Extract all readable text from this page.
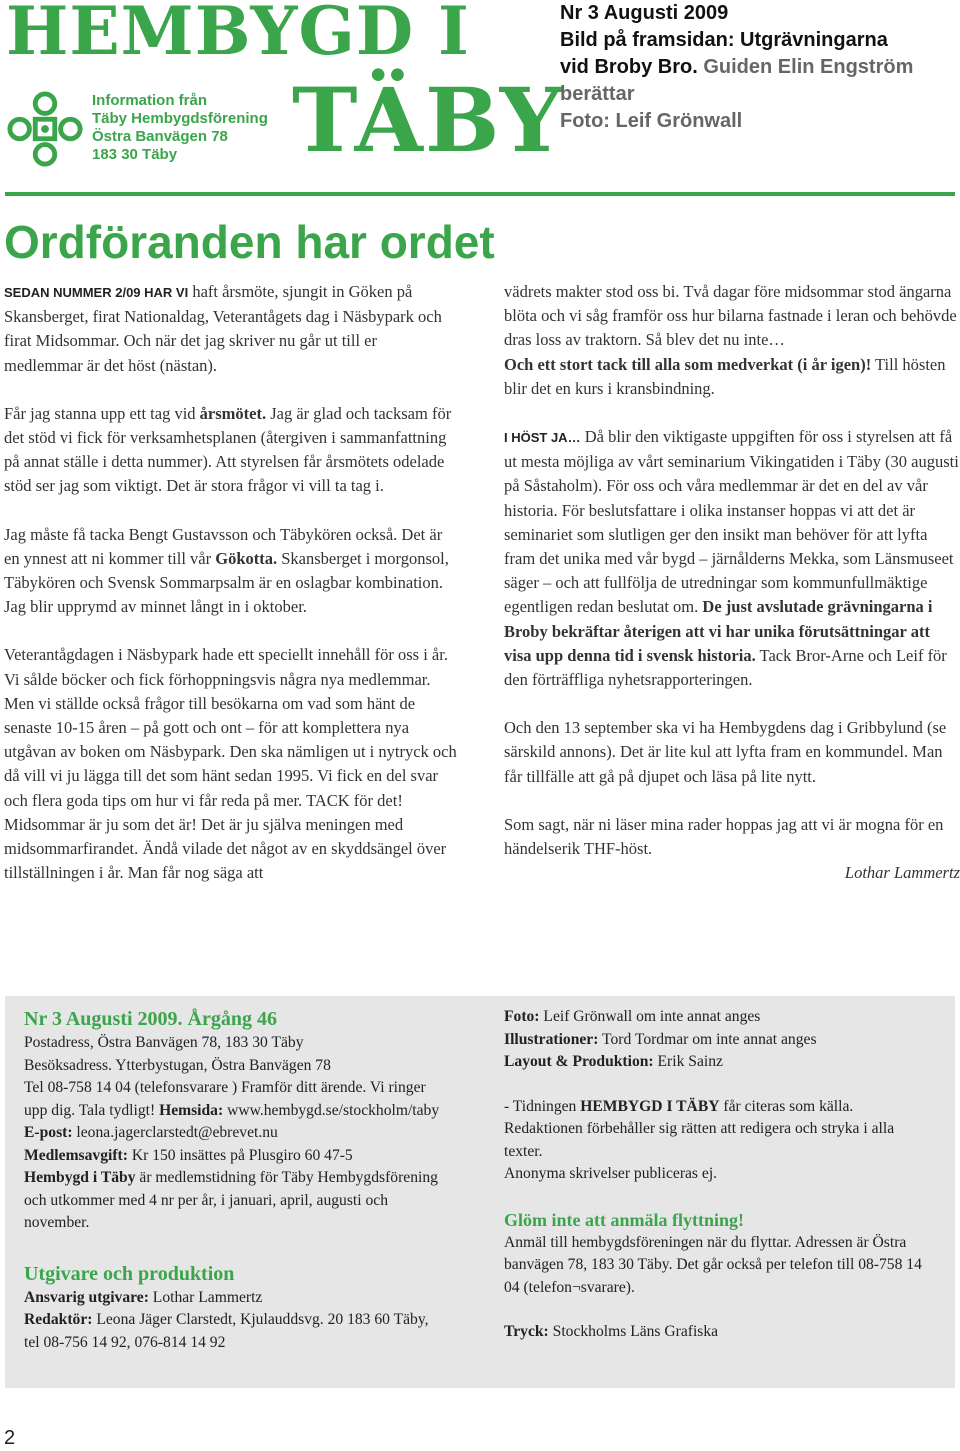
HEMBYGD I
TÄBY
Information från
Täby Hembygdsförening
Östra Banvägen 78
183 30 Täby
Nr 3 Augusti 2009
Bild på framsidan: Utgrävningarna
vid Broby Bro. Guiden Elin Engström
berättar
Foto: Leif Grönwall
Ordföranden har ordet

SEDAN NUMMER 2/09 HAR VI haft årsmöte, sjungit in Göken på Skansberget, firat Nationaldag, Veterantågets dag i Näsbypark och firat Midsommar. Och när det jag skriver nu går ut till er medlemmar är det höst (nästan).

Får jag stanna upp ett tag vid årsmötet. Jag är glad och tacksam för det stöd vi fick för verksamhetsplanen (återgiven i sammanfattning på annat ställe i detta nummer). Att styrelsen får årsmötets odelade stöd ser jag som viktigt. Det är stora frågor vi vill ta tag i.

Jag måste få tacka Bengt Gustavsson och Täbykören också. Det är en ynnest att ni kommer till vår Gökotta. Skansberget i morgonsol, Täbykören och Svensk Sommarpsalm är en oslagbar kombination. Jag blir upprymd av minnet långt in i oktober.

Veterantågdagen i Näsbypark hade ett speciellt innehåll för oss i år. Vi sålde böcker och fick förhoppningsvis några nya medlemmar. Men vi ställde också frågor till besökarna om vad som hänt de senaste 10-15 åren – på gott och ont – för att komplettera nya utgåvan av boken om Näsbypark. Den ska nämligen ut i nytryck och då vill vi ju lägga till det som hänt sedan 1995. Vi fick en del svar och flera goda tips om hur vi får reda på mer. TACK för det!

Midsommar är ju som det är! Det är ju själva meningen med midsommarfirandet. Ändå vilade det något av en skyddsängel över tillställningen i år. Man får nog säga att

vädrets makter stod oss bi. Två dagar före midsommar stod ängarna blöta och vi såg framför oss hur bilarna fastnade i leran och behövde dras loss av traktorn. Så blev det nu inte…
Och ett stort tack till alla som medverkat (i år igen)! Till hösten blir det en kurs i kransbindning.

I HÖST JA… Då blir den viktigaste uppgiften för oss i styrelsen att få ut mesta möjliga av vårt seminarium Vikingatiden i Täby (30 augusti på Såstaholm). För oss och våra medlemmar är det en del av vår historia. För beslutsfattare i olika instanser hoppas vi att det är seminariet som slutligen ger den insikt man behöver för att lyfta fram det unika med vår bygd – järnålderns Mekka, som Länsmuseet säger – och att fullfölja de utredningar som kommunfullmäktige egentligen redan beslutat om. De just avslutade grävningarna i Broby bekräftar återigen att vi har unika förutsättningar att visa upp denna tid i svensk historia. Tack Bror-Arne och Leif för den förträffliga nyhetsrapporteringen.

Och den 13 september ska vi ha Hembygdens dag i Gribbylund (se särskild annons). Det är lite kul att lyfta fram en kommundel. Man får tillfälle att gå på djupet och läsa på lite nytt.

Som sagt, när ni läser mina rader hoppas jag att vi är mogna för en händelserik THF-höst.

Lothar Lammertz

Nr 3 Augusti 2009. Årgång 46

Postadress, Östra Banvägen 78, 183 30 Täby

Besöksadress. Ytterbystugan, Östra Banvägen 78

Tel 08-758 14 04 (telefonsvarare ) Framför ditt ärende. Vi ringer upp dig. Tala tydligt! Hemsida: www.hembygd.se/stockholm/taby

E-post: leona.jagerclarstedt@ebrevet.nu

Medlemsavgift: Kr 150 insättes på Plusgiro 60 47-5

Hembygd i Täby är medlemstidning för Täby Hembygdsförening och utkommer med 4 nr per år, i januari, april, augusti och november.

Utgivare och produktion

Ansvarig utgivare: Lothar Lammertz

Redaktör: Leona Jäger Clarstedt, Kjulauddsvg. 20 183 60 Täby, tel 08-756 14 92, 076-814 14 92

Foto: Leif Grönwall om inte annat anges

Illustrationer: Tord Tordmar om inte annat anges

Layout & Produktion: Erik Sainz

- Tidningen HEMBYGD I TÄBY får citeras som källa. Redaktionen förbehåller sig rätten att redigera och stryka i alla texter.

Anonyma skrivelser publiceras ej.

Glöm inte att anmäla flyttning!

Anmäl till hembygdsföreningen när du flyttar. Adressen är Östra banvägen 78, 183 30 Täby. Det går också per telefon till 08-758 14 04 (telefon¬svarare).

Tryck: Stockholms Läns Grafiska

2
